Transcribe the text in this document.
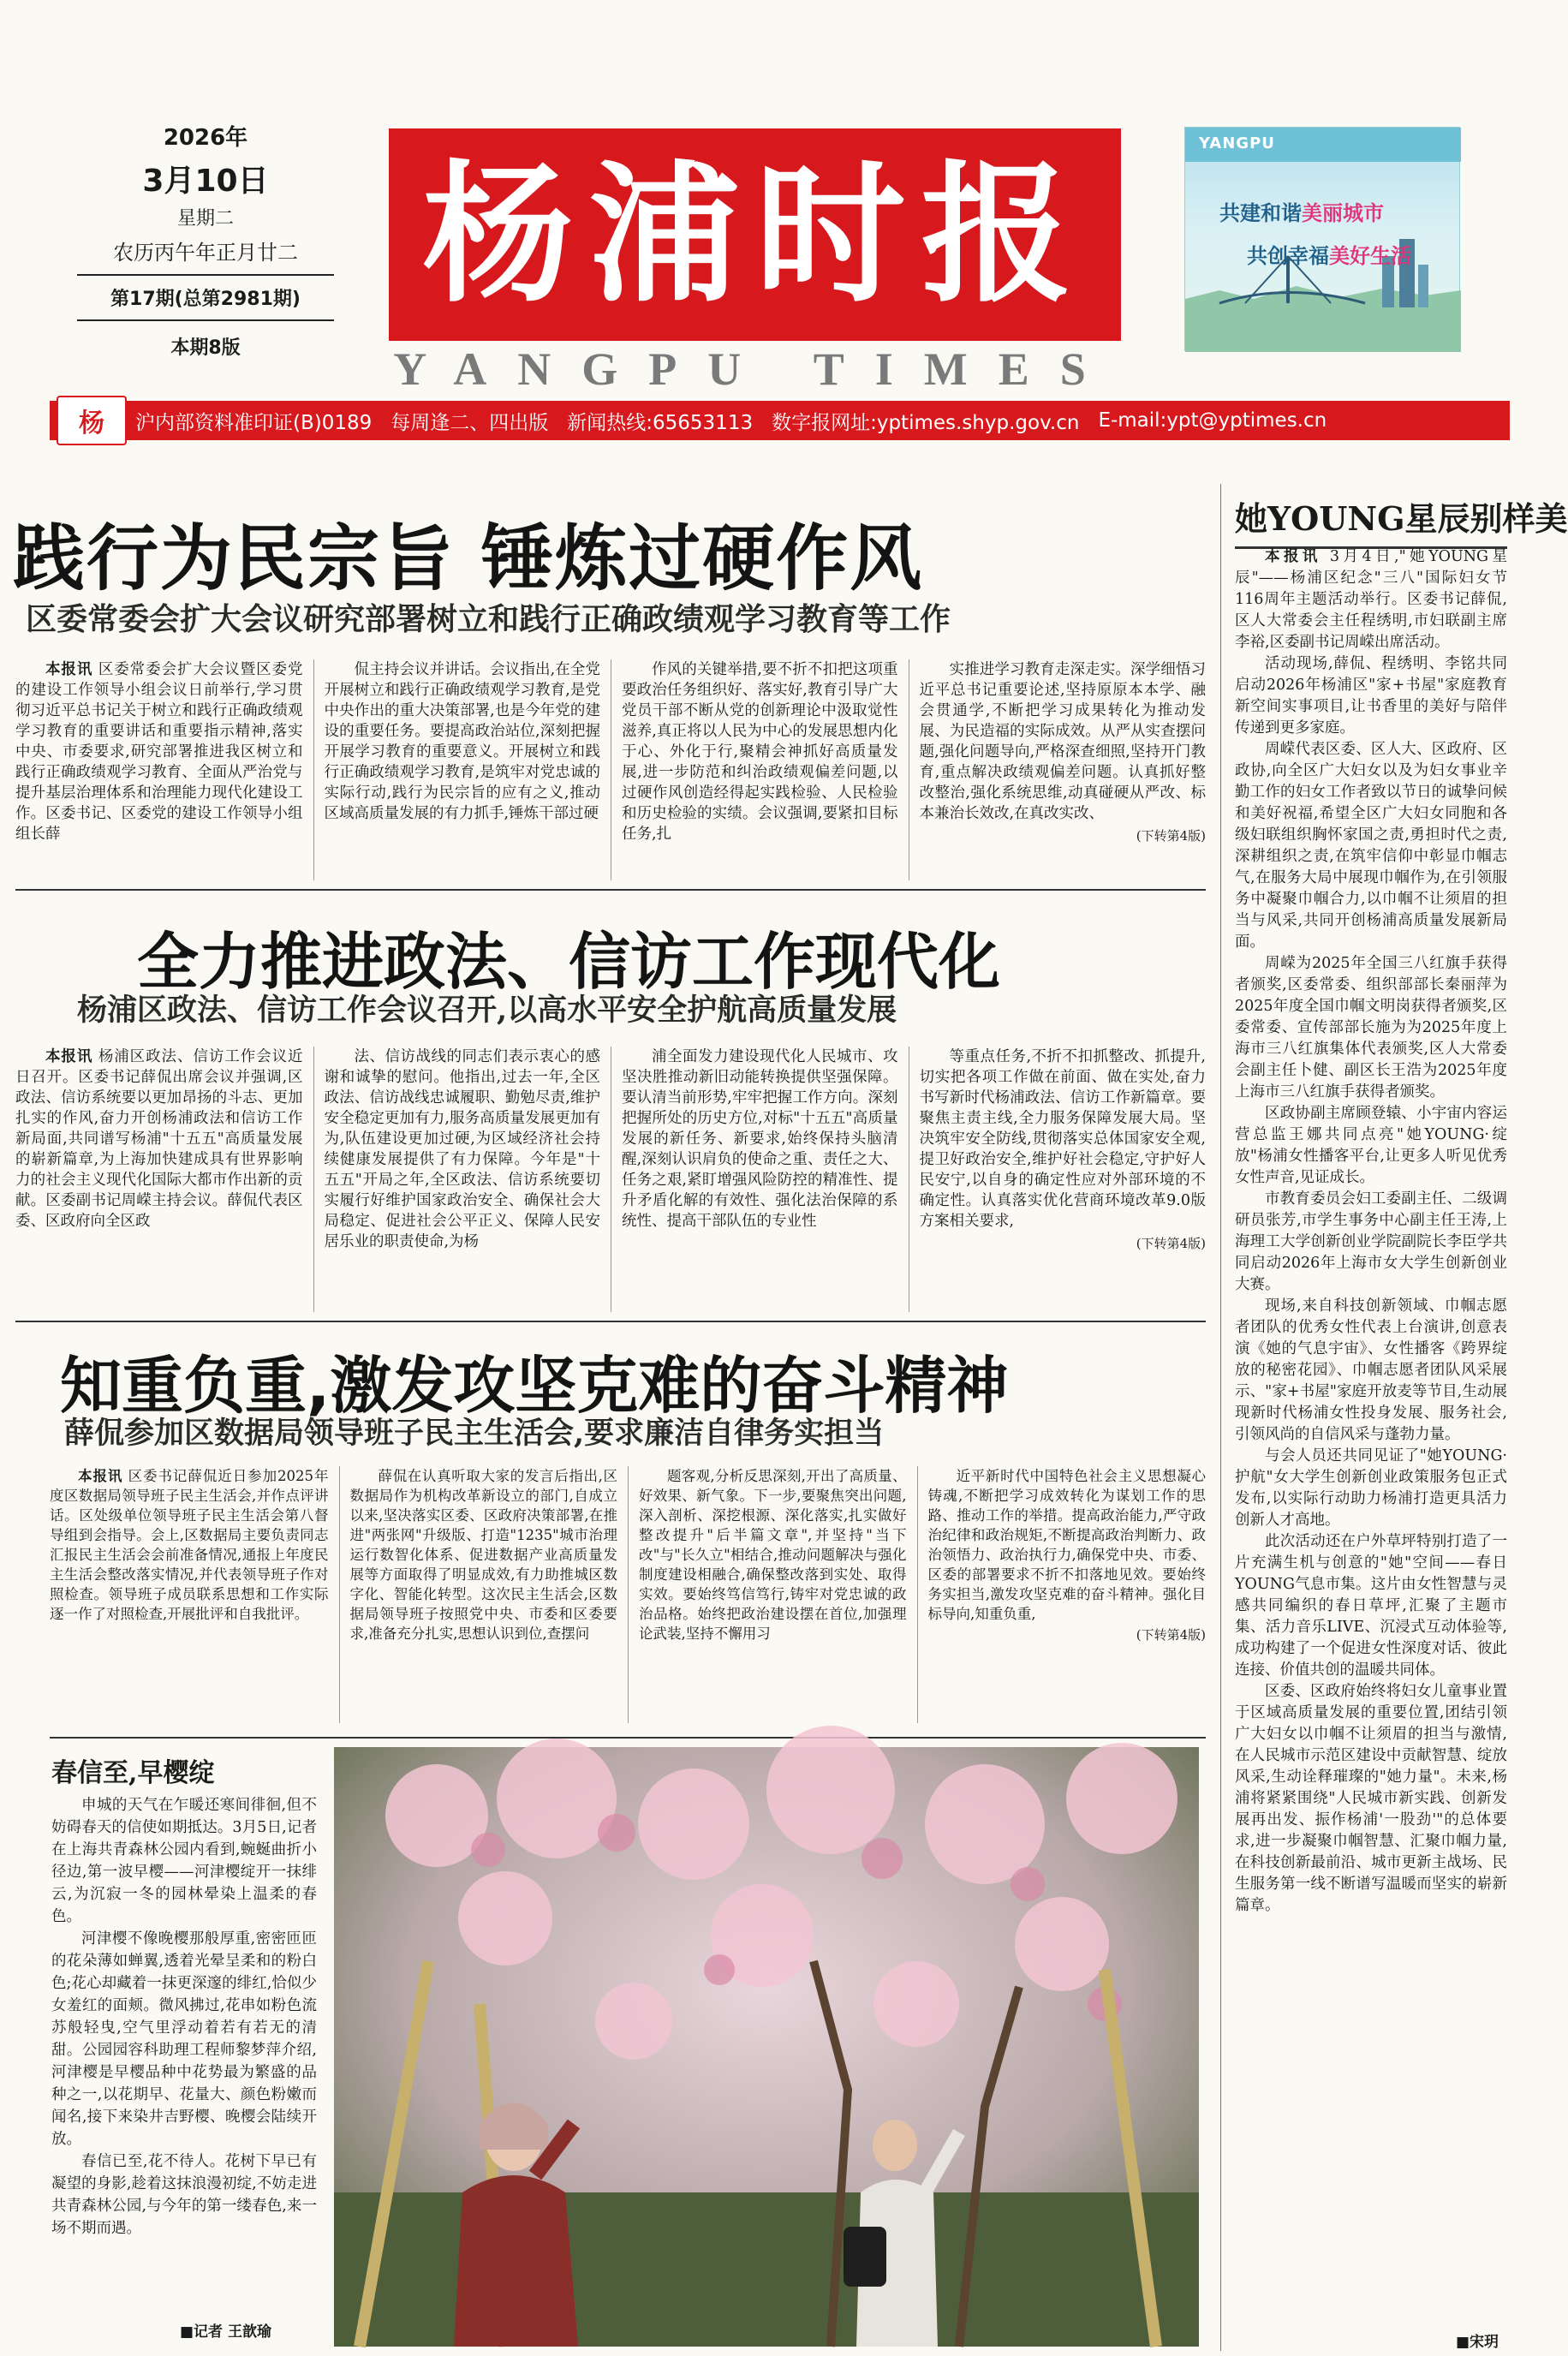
2026年
3月10日
星期二
农历丙午年正月廿二
第17期(总第2981期)
本期8版
杨浦时报
YANGPU TIMES
YANGPU
共建和谐美丽城市
共创幸福美好生活
沪内部资料准印证(B)0189 每周逢二、四出版 新闻热线:65653113 数字报网址:yptimes.shyp.gov.cn E-mail:ypt@yptimes.cn
杨
践行为民宗旨 锤炼过硬作风
区委常委会扩大会议研究部署树立和践行正确政绩观学习教育等工作

本报讯 区委常委会扩大会议暨区委党的建设工作领导小组会议日前举行,学习贯彻习近平总书记关于树立和践行正确政绩观学习教育的重要讲话和重要指示精神,落实中央、市委要求,研究部署推进我区树立和践行正确政绩观学习教育、全面从严治党与提升基层治理体系和治理能力现代化建设工作。区委书记、区委党的建设工作领导小组组长薛

侃主持会议并讲话。会议指出,在全党开展树立和践行正确政绩观学习教育,是党中央作出的重大决策部署,也是今年党的建设的重要任务。要提高政治站位,深刻把握开展学习教育的重要意义。开展树立和践行正确政绩观学习教育,是筑牢对党忠诚的实际行动,践行为民宗旨的应有之义,推动区域高质量发展的有力抓手,锤炼干部过硬

作风的关键举措,要不折不扣把这项重要政治任务组织好、落实好,教育引导广大党员干部不断从党的创新理论中汲取觉性滋养,真正将以人民为中心的发展思想内化于心、外化于行,聚精会神抓好高质量发展,进一步防范和纠治政绩观偏差问题,以过硬作风创造经得起实践检验、人民检验和历史检验的实绩。会议强调,要紧扣目标任务,扎

实推进学习教育走深走实。深学细悟习近平总书记重要论述,坚持原原本本学、融会贯通学,不断把学习成果转化为推动发展、为民造福的实际成效。从严从实查摆问题,强化问题导向,严格深查细照,坚持开门教育,重点解决政绩观偏差问题。认真抓好整改整治,强化系统思维,动真碰硬从严改、标本兼治长效改,在真改实改、

(下转第4版)
全力推进政法、信访工作现代化
杨浦区政法、信访工作会议召开,以高水平安全护航高质量发展

本报讯 杨浦区政法、信访工作会议近日召开。区委书记薛侃出席会议并强调,区政法、信访系统要以更加昂扬的斗志、更加扎实的作风,奋力开创杨浦政法和信访工作新局面,共同谱写杨浦"十五五"高质量发展的崭新篇章,为上海加快建成具有世界影响力的社会主义现代化国际大都市作出新的贡献。区委副书记周嵘主持会议。薛侃代表区委、区政府向全区政

法、信访战线的同志们表示衷心的感谢和诚挚的慰问。他指出,过去一年,全区政法、信访战线忠诚履职、勤勉尽责,维护安全稳定更加有力,服务高质量发展更加有为,队伍建设更加过硬,为区域经济社会持续健康发展提供了有力保障。今年是"十五五"开局之年,全区政法、信访系统要切实履行好维护国家政治安全、确保社会大局稳定、促进社会公平正义、保障人民安居乐业的职责使命,为杨

浦全面发力建设现代化人民城市、攻坚决胜推动新旧动能转换提供坚强保障。要认清当前形势,牢牢把握工作方向。深刻把握所处的历史方位,对标"十五五"高质量发展的新任务、新要求,始终保持头脑清醒,深刻认识肩负的使命之重、责任之大、任务之艰,紧盯增强风险防控的精准性、提升矛盾化解的有效性、强化法治保障的系统性、提高干部队伍的专业性

等重点任务,不折不扣抓整改、抓提升,切实把各项工作做在前面、做在实处,奋力书写新时代杨浦政法、信访工作新篇章。要聚焦主责主线,全力服务保障发展大局。坚决筑牢安全防线,贯彻落实总体国家安全观,提卫好政治安全,维护好社会稳定,守护好人民安宁,以自身的确定性应对外部环境的不确定性。认真落实优化营商环境改革9.0版方案相关要求,

(下转第4版)
知重负重,激发攻坚克难的奋斗精神
薛侃参加区数据局领导班子民主生活会,要求廉洁自律务实担当

本报讯 区委书记薛侃近日参加2025年度区数据局领导班子民主生活会,并作点评讲话。区处级单位领导班子民主生活会第八督导组到会指导。会上,区数据局主要负责同志汇报民主生活会会前准备情况,通报上年度民主生活会整改落实情况,并代表领导班子作对照检查。领导班子成员联系思想和工作实际逐一作了对照检查,开展批评和自我批评。

薛侃在认真听取大家的发言后指出,区数据局作为机构改革新设立的部门,自成立以来,坚决落实区委、区政府决策部署,在推进"两张网"升级版、打造"1235"城市治理运行数智化体系、促进数据产业高质量发展等方面取得了明显成效,有力助推城区数字化、智能化转型。这次民主生活会,区数据局领导班子按照党中央、市委和区委要求,准备充分扎实,思想认识到位,查摆问

题客观,分析反思深刻,开出了高质量、好效果、新气象。下一步,要聚焦突出问题,深入剖析、深挖根源、深化落实,扎实做好整改提升"后半篇文章",并坚持"当下改"与"长久立"相结合,推动问题解决与强化制度建设相融合,确保整改落到实处、取得实效。要始终笃信笃行,铸牢对党忠诚的政治品格。始终把政治建设摆在首位,加强理论武装,坚持不懈用习

近平新时代中国特色社会主义思想凝心铸魂,不断把学习成效转化为谋划工作的思路、推动工作的举措。提高政治能力,严守政治纪律和政治规矩,不断提高政治判断力、政治领悟力、政治执行力,确保党中央、市委、区委的部署要求不折不扣落地见效。要始终务实担当,激发攻坚克难的奋斗精神。强化目标导向,知重负重,

(下转第4版)
春信至,早樱绽

申城的天气在乍暖还寒间徘徊,但不妨碍春天的信使如期抵达。3月5日,记者在上海共青森林公园内看到,蜿蜒曲折小径边,第一波早樱——河津樱绽开一抹绯云,为沉寂一冬的园林晕染上温柔的春色。

河津樱不像晚樱那般厚重,密密匝匝的花朵薄如蝉翼,透着光晕呈柔和的粉白色;花心却藏着一抹更深邃的绯红,恰似少女羞红的面颊。微风拂过,花串如粉色流苏般轻曳,空气里浮动着若有若无的清甜。公园园容科助理工程师黎梦萍介绍,河津樱是早樱品种中花势最为繁盛的品种之一,以花期早、花量大、颜色粉嫩而闻名,接下来染井吉野樱、晚樱会陆续开放。

春信已至,花不待人。花树下早已有凝望的身影,趁着这抹浪漫初绽,不妨走进共青森林公园,与今年的第一缕春色,来一场不期而遇。

■记者 王歆瑜
她YOUNG星辰别样美

本报讯 3月4日,"她YOUNG星辰"——杨浦区纪念"三八"国际妇女节116周年主题活动举行。区委书记薛侃,区人大常委会主任程绣明,市妇联副主席李裕,区委副书记周嵘出席活动。

活动现场,薛侃、程绣明、李铭共同启动2026年杨浦区"家+书屋"家庭教育新空间实事项目,让书香里的美好与陪伴传递到更多家庭。

周嵘代表区委、区人大、区政府、区政协,向全区广大妇女以及为妇女事业辛勤工作的妇女工作者致以节日的诚挚问候和美好祝福,希望全区广大妇女同胞和各级妇联组织胸怀家国之责,勇担时代之责,深耕组织之责,在筑牢信仰中彰显巾帼志气,在服务大局中展现巾帼作为,在引领服务中凝聚巾帼合力,以巾帼不让须眉的担当与风采,共同开创杨浦高质量发展新局面。

周嵘为2025年全国三八红旗手获得者颁奖,区委常委、组织部部长秦丽萍为2025年度全国巾帼文明岗获得者颁奖,区委常委、宣传部部长施为为2025年度上海市三八红旗集体代表颁奖,区人大常委会副主任卜健、副区长王浩为2025年度上海市三八红旗手获得者颁奖。

区政协副主席顾登辕、小宇宙内容运营总监王娜共同点亮"她YOUNG·绽放"杨浦女性播客平台,让更多人听见优秀女性声音,见证成长。

市教育委员会妇工委副主任、二级调研员张芳,市学生事务中心副主任王涛,上海理工大学创新创业学院副院长李臣学共同启动2026年上海市女大学生创新创业大赛。

现场,来自科技创新领域、巾帼志愿者团队的优秀女性代表上台演讲,创意表演《她的气息宇宙》、女性播客《跨界绽放的秘密花园》、巾帼志愿者团队风采展示、"家+书屋"家庭开放麦等节目,生动展现新时代杨浦女性投身发展、服务社会,引领风尚的自信风采与蓬勃力量。

与会人员还共同见证了"她YOUNG·护航"女大学生创新创业政策服务包正式发布,以实际行动助力杨浦打造更具活力创新人才高地。

此次活动还在户外草坪特别打造了一片充满生机与创意的"她"空间——春日YOUNG气息市集。这片由女性智慧与灵感共同编织的春日草坪,汇聚了主题市集、活力音乐LIVE、沉浸式互动体验等,成功构建了一个促进女性深度对话、彼此连接、价值共创的温暖共同体。

区委、区政府始终将妇女儿童事业置于区域高质量发展的重要位置,团结引领广大妇女以巾帼不让须眉的担当与激情,在人民城市示范区建设中贡献智慧、绽放风采,生动诠释璀璨的"她力量"。未来,杨浦将紧紧围绕"人民城市新实践、创新发展再出发、振作杨浦'一股劲'"的总体要求,进一步凝聚巾帼智慧、汇聚巾帼力量,在科技创新最前沿、城市更新主战场、民生服务第一线不断谱写温暖而坚实的崭新篇章。

■宋玥
